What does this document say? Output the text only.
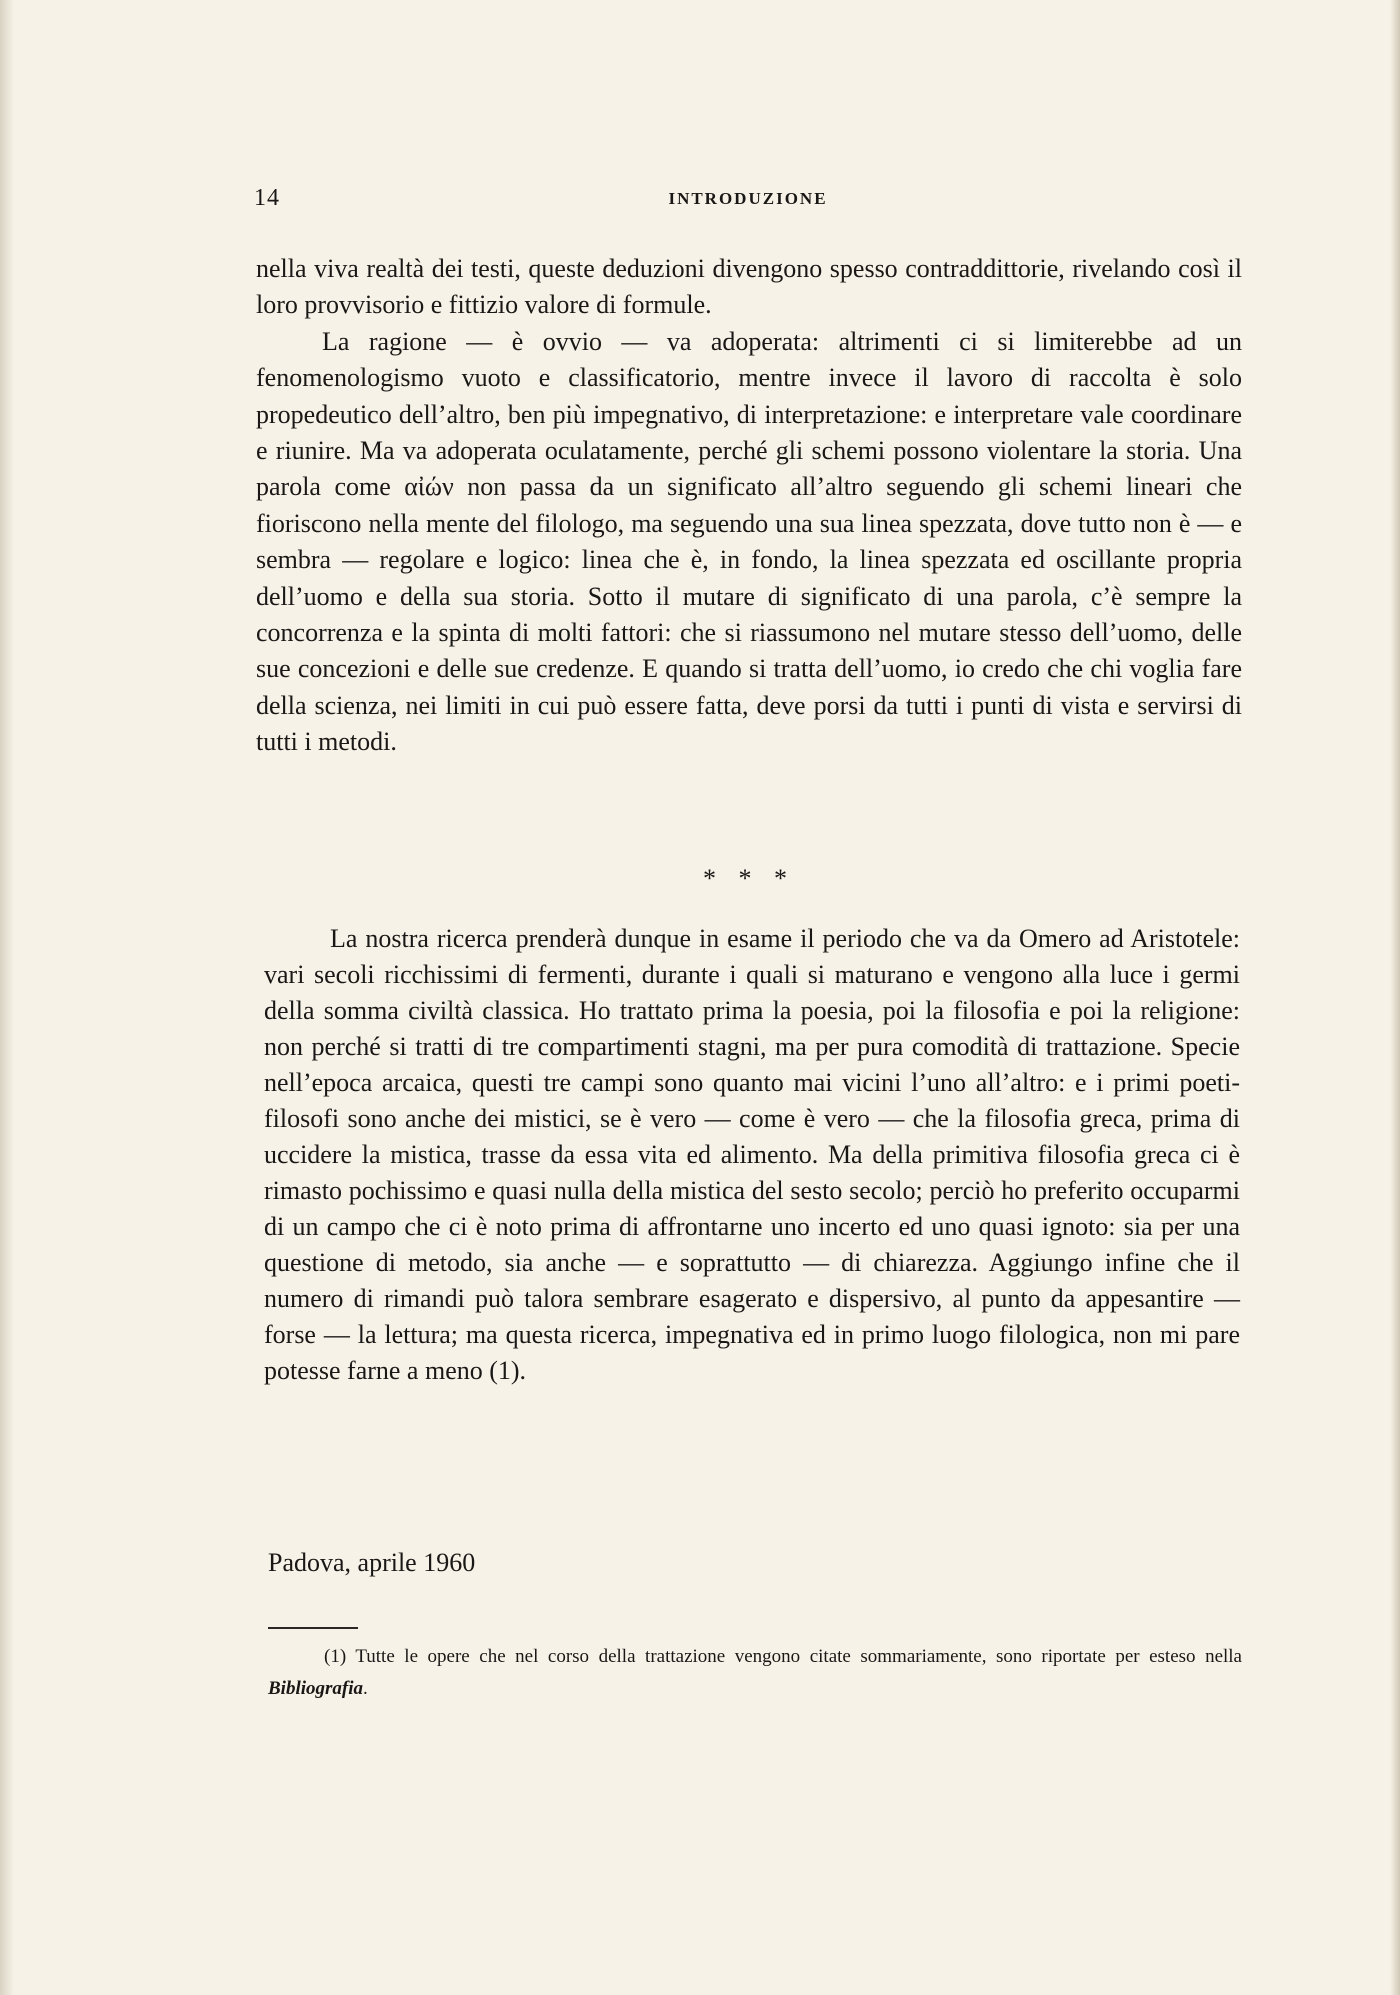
14	INTRODUZIONE

nella viva realtà dei testi, queste deduzioni divengono spesso contraddittorie, rivelando così il loro provvisorio e fittizio valore di formule.

La ragione — è ovvio — va adoperata: altrimenti ci si limiterebbe ad un fenomenologismo vuoto e classificatorio, mentre invece il lavoro di raccolta è solo propedeutico dell’altro, ben più impegnativo, di interpretazione: e interpretare vale coordinare e riunire. Ma va adoperata oculatamente, perché gli schemi possono violentare la storia. Una parola come αἰών non passa da un significato all’altro seguendo gli schemi lineari che fioriscono nella mente del filologo, ma seguendo una sua linea spezzata, dove tutto non è — e sembra — regolare e logico: linea che è, in fondo, la linea spezzata ed oscillante propria dell’uomo e della sua storia. Sotto il mutare di significato di una parola, c’è sempre la concorrenza e la spinta di molti fattori: che si riassumono nel mutare stesso dell’uomo, delle sue concezioni e delle sue credenze. E quando si tratta dell’uomo, io credo che chi voglia fare della scienza, nei limiti in cui può essere fatta, deve porsi da tutti i punti di vista e servirsi di tutti i metodi.

* * *

La nostra ricerca prenderà dunque in esame il periodo che va da Omero ad Aristotele: vari secoli ricchissimi di fermenti, durante i quali si maturano e vengono alla luce i germi della somma civiltà classica. Ho trattato prima la poesia, poi la filosofia e poi la religione: non perché si tratti di tre compartimenti stagni, ma per pura comodità di trattazione. Specie nell’epoca arcaica, questi tre campi sono quanto mai vicini l’uno all’altro: e i primi poeti-filosofi sono anche dei mistici, se è vero — come è vero — che la filosofia greca, prima di uccidere la mistica, trasse da essa vita ed alimento. Ma della primitiva filosofia greca ci è rimasto pochissimo e quasi nulla della mistica del sesto secolo; perciò ho preferito occuparmi di un campo che ci è noto prima di affrontarne uno incerto ed uno quasi ignoto: sia per una questione di metodo, sia anche — e soprattutto — di chiarezza. Aggiungo infine che il numero di rimandi può talora sembrare esagerato e dispersivo, al punto da appesantire — forse — la lettura; ma questa ricerca, impegnativa ed in primo luogo filologica, non mi pare potesse farne a meno (1).

Padova, aprile 1960

(1) Tutte le opere che nel corso della trattazione vengono citate sommariamente, sono riportate per esteso nella Bibliografia.
